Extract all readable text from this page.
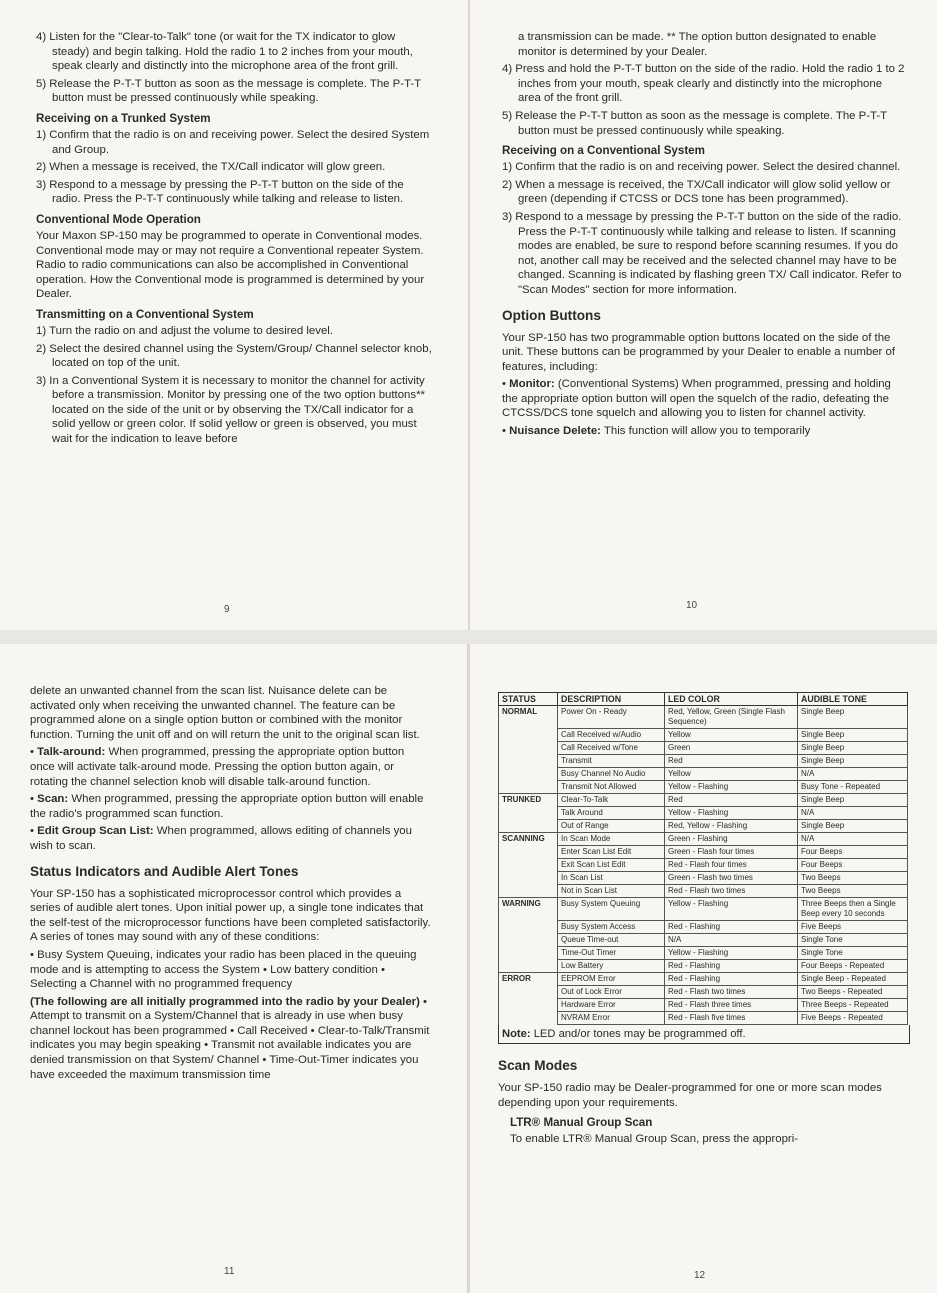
4) Listen for the "Clear-to-Talk" tone (or wait for the TX indicator to glow steady) and begin talking. Hold the radio 1 to 2 inches from your mouth, speak clearly and distinctly into the microphone area of the front grill.

5) Release the P-T-T button as soon as the message is complete. The P-T-T button must be pressed continuously while speaking.

Receiving on a Trunked System

1) Confirm that the radio is on and receiving power. Select the desired System and Group.

2) When a message is received, the TX/Call indicator will glow green.

3) Respond to a message by pressing the P-T-T button on the side of the radio. Press the P-T-T continuously while talking and release to listen.

Conventional Mode Operation

Your Maxon SP-150 may be programmed to operate in Conventional modes. Conventional mode may or may not require a Conventional repeater System. Radio to radio communications can also be accomplished in Conventional operation. How the Conventional mode is programmed is determined by your Dealer.

Transmitting on a Conventional System

1) Turn the radio on and adjust the volume to desired level.

2) Select the desired channel using the System/Group/ Channel selector knob, located on top of the unit.

3) In a Conventional System it is necessary to monitor the channel for activity before a transmission. Monitor by pressing one of the two option buttons** located on the side of the unit or by observing the TX/Call indicator for a solid yellow or green color. If solid yellow or green is observed, you must wait for the indication to leave before

9

a transmission can be made. ** The option button designated to enable monitor is determined by your Dealer.

4) Press and hold the P-T-T button on the side of the radio. Hold the radio 1 to 2 inches from your mouth, speak clearly and distinctly into the microphone area of the front grill.

5) Release the P-T-T button as soon as the message is complete. The P-T-T button must be pressed continuously while speaking.

Receiving on a Conventional System

1) Confirm that the radio is on and receiving power. Select the desired channel.

2) When a message is received, the TX/Call indicator will glow solid yellow or green (depending if CTCSS or DCS tone has been programmed).

3) Respond to a message by pressing the P-T-T button on the side of the radio. Press the P-T-T continuously while talking and release to listen. If scanning modes are enabled, be sure to respond before scanning resumes. If you do not, another call may be received and the selected channel may have to be changed. Scanning is indicated by flashing green TX/ Call indicator. Refer to "Scan Modes" section for more information.

Option Buttons

Your SP-150 has two programmable option buttons located on the side of the unit. These buttons can be programmed by your Dealer to enable a number of features, including:

• Monitor: (Conventional Systems) When programmed, pressing and holding the appropriate option button will open the squelch of the radio, defeating the CTCSS/DCS tone squelch and allowing you to listen for channel activity.

• Nuisance Delete: This function will allow you to temporarily

10

delete an unwanted channel from the scan list. Nuisance delete can be activated only when receiving the unwanted channel. The feature can be programmed alone on a single option button or combined with the monitor function. Turning the unit off and on will return the unit to the original scan list.

• Talk-around: When programmed, pressing the appropriate option button once will activate talk-around mode. Pressing the option button again, or rotating the channel selection knob will disable talk-around function.

• Scan: When programmed, pressing the appropriate option button will enable the radio's programmed scan function.

• Edit Group Scan List: When programmed, allows editing of channels you wish to scan.

Status Indicators and Audible Alert Tones

Your SP-150 has a sophisticated microprocessor control which provides a series of audible alert tones. Upon initial power up, a single tone indicates that the self-test of the microprocessor functions have been completed satisfactorily. A series of tones may sound with any of these conditions:

• Busy System Queuing, indicates your radio has been placed in the queuing mode and is attempting to access the System • Low battery condition • Selecting a Channel with no programmed frequency

(The following are all initially programmed into the radio by your Dealer) • Attempt to transmit on a System/Channel that is already in use when busy channel lockout has been programmed • Call Received • Clear-to-Talk/Transmit indicates you may begin speaking • Transmit not available indicates you are denied transmission on that System/ Channel • Time-Out-Timer indicates you have exceeded the maximum transmission time

11
STATUS	DESCRIPTION	LED COLOR	AUDIBLE TONE
NORMAL	Power On - Ready	Red, Yellow, Green (Single Flash Sequence)	Single Beep
	Call Received w/Audio	Yellow	Single Beep
	Call Received w/Tone	Green	Single Beep
	Transmit	Red	Single Beep
	Busy Channel No Audio	Yellow	N/A
	Transmit Not Allowed	Yellow - Flashing	Busy Tone - Repeated
TRUNKED	Clear-To-Talk	Red	Single Beep
	Talk Around	Yellow - Flashing	N/A
	Out of Range	Red, Yellow - Flashing	Single Beep
SCANNING	In Scan Mode	Green - Flashing	N/A
	Enter Scan List Edit	Green - Flash four times	Four Beeps
	Exit Scan List Edit	Red - Flash four times	Four Beeps
	In Scan List	Green - Flash two times	Two Beeps
	Not in Scan List	Red - Flash two times	Two Beeps
WARNING	Busy System Queuing	Yellow - Flashing	Three Beeps then a Single Beep every 10 seconds
	Busy System Access	Red - Flashing	Five Beeps
	Queue Time-out	N/A	Single Tone
	Time-Out Timer	Yellow - Flashing	Single Tone
	Low Battery	Red - Flashing	Four Beeps - Repeated
ERROR	EEPROM Error	Red - Flashing	Single Beep - Repeated
	Out of Lock Error	Red - Flash two times	Two Beeps - Repeated
	Hardware Error	Red - Flash three times	Three Beeps - Repeated
	NVRAM Error	Red - Flash five times	Five Beeps - Repeated
Note: LED and/or tones may be programmed off.
Scan Modes

Your SP-150 radio may be Dealer-programmed for one or more scan modes depending upon your requirements.

LTR® Manual Group Scan

To enable LTR® Manual Group Scan, press the appropri-

12
